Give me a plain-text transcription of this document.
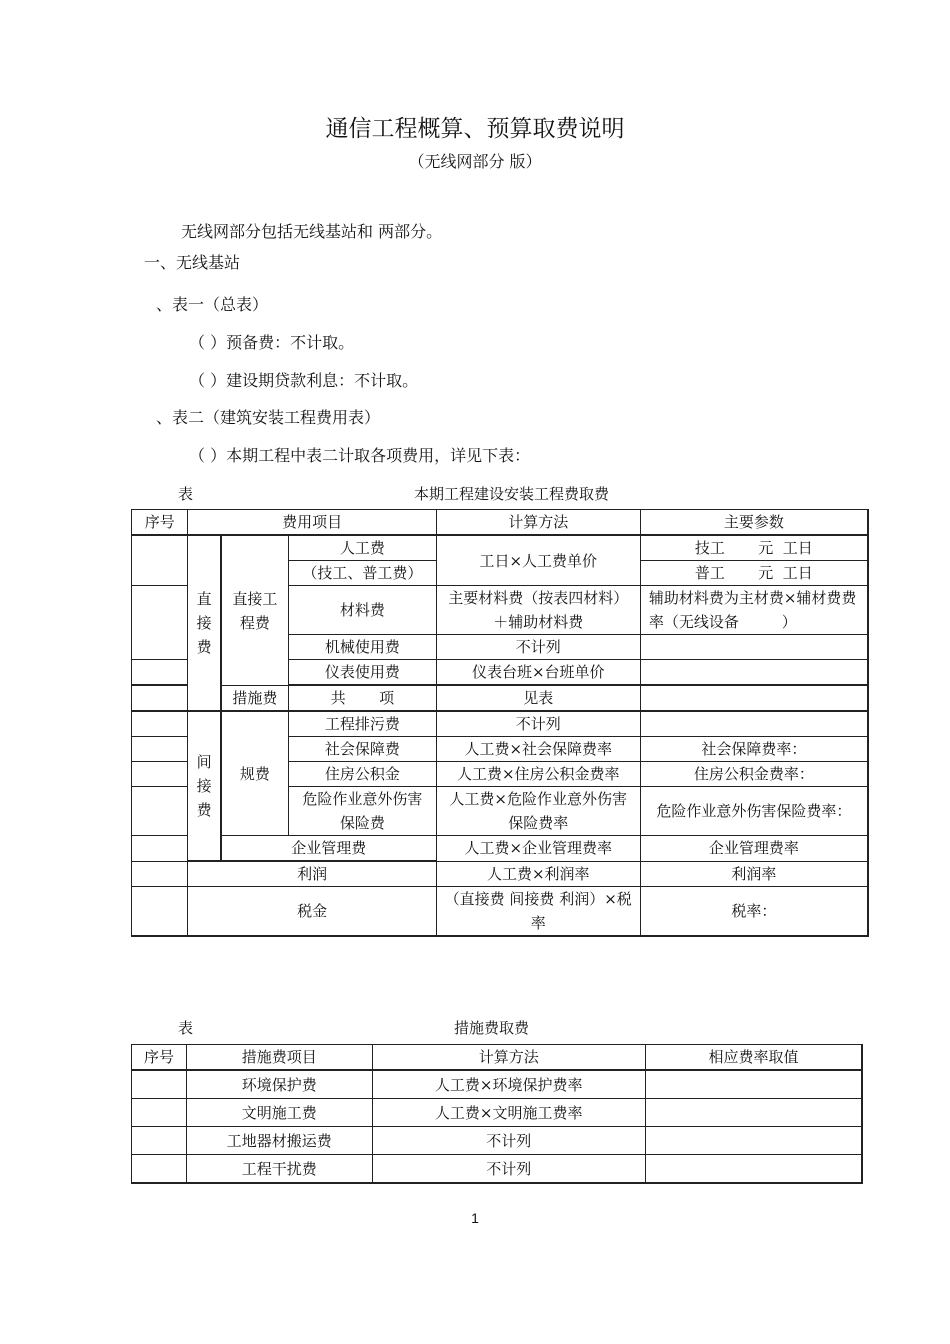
通信工程概算、预算取费说明
（无线网部分 版）
无线网部分包括无线基站和 两部分。
一、无线基站
、表一（总表）
（ ）预备费：不计取。
（ ）建设期贷款利息：不计取。
、表二（建筑安装工程费用表）
（ ）本期工程中表二计取各项费用，详见下表：
表	本期工程建设安装工程费取费
序号	费用项目			计算方法	主要参数

	直接费	直接工程费	人工费	工日×人工费单价	技工       元  工日
			（技工、普工费）		普工       元  工日
			材料费	主要材料费（按表四材料）＋辅助材料费	辅助材料费为主材费×辅材费费率（无线设备         ）

			机械使用费	不计列	
			仪表使用费	仪表台班×台班单价	

		措施费	共       项	见表	

	间接费	规费	工程排污费	不计列	
			社会保障费	人工费×社会保障费率	社会保障费率：
			住房公积金	人工费×住房公积金费率	住房公积金费率：

			危险作业意外伤害保险费	人工费×危险作业意外伤害保险费率	危险作业意外伤害保险费率：

		企业管理费		人工费×企业管理费率	企业管理费率
	利润			人工费×利润率	利润率
	税金			（直接费 间接费 利润）×税率	税率：
表	措施费取费
序号	措施费项目	计算方法	相应费率取值
	环境保护费	人工费×环境保护费率	
	文明施工费	人工费×文明施工费率	
	工地器材搬运费	不计列	
	工程干扰费	不计列	
1
